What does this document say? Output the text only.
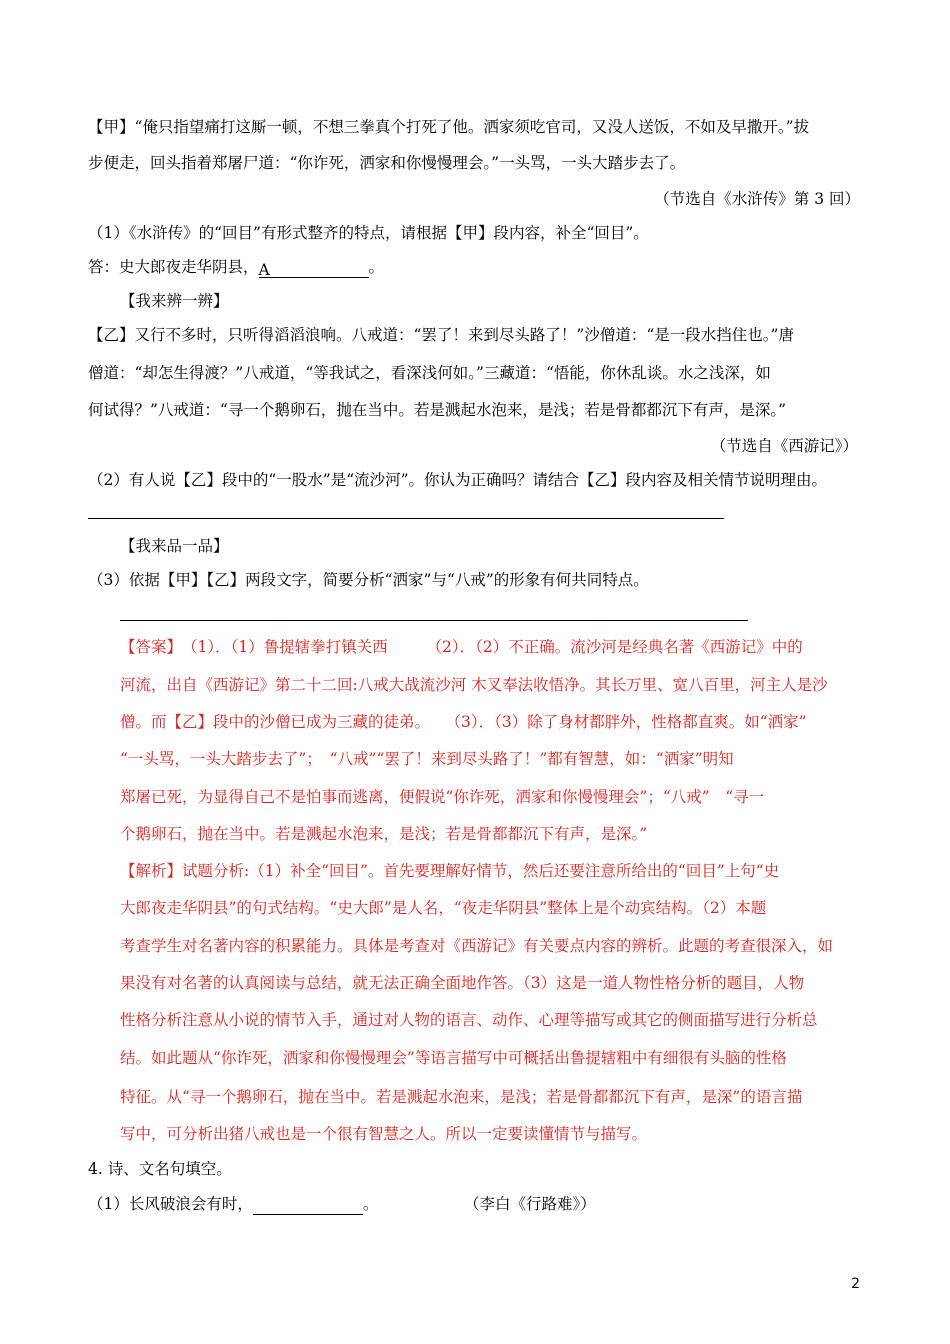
【甲】“俺只指望痛打这厮一顿，不想三拳真个打死了他。洒家须吃官司，又没人送饭，不如及早撒开。”拔
步便走，回头指着郑屠尸道：“你诈死，洒家和你慢慢理会。”一头骂，一头大踏步去了。
（节选自《水浒传》第 3 回）
（1）《水浒传》的“回目”有形式整齐的特点，请根据【甲】段内容，补全“回目”。
答：史大郎夜走华阴县，A	。
【我来辨一辨】
【乙】又行不多时，只听得滔滔浪响。八戒道：“罢了！来到尽头路了！”沙僧道：“是一段水挡住也。”唐
僧道：“却怎生得渡？”八戒道，“等我试之，看深浅何如。”三藏道：“悟能，你休乱谈。水之浅深，如
何试得？”八戒道：“寻一个鹅卵石，抛在当中。若是溅起水泡来，是浅；若是骨都都沉下有声，是深。”
（节选自《西游记》）
（2）有人说【乙】段中的“一股水”是“流沙河”。你认为正确吗？请结合【乙】段内容及相关情节说明理由。
【我来品一品】
（3）依据【甲】【乙】两段文字，简要分析“洒家”与“八戒”的形象有何共同特点。
【答案】　（1）．（1）鲁提辖拳打镇关西　　　（2）．（2）不正确。流沙河是经典名著《西游记》中的
河流，出自《西游记》第二十二回:八戒大战流沙河 木叉奉法收悟净。其长万里、宽八百里，河主人是沙
僧。而【乙】段中的沙僧已成为三藏的徒弟。　　（3）．（3）除了身材都胖外，性格都直爽。如“洒家”
“一头骂，一头大踏步去了”；　“八戒”“罢了！来到尽头路了！”都有智慧，如：“洒家”明知
郑屠已死，为显得自己不是怕事而逃离，便假说“你诈死，洒家和你慢慢理会”；“八戒”　“寻一
个鹅卵石，抛在当中。若是溅起水泡来，是浅；若是骨都都沉下有声，是深。”
【解析】试题分析:（1）补全“回目”。首先要理解好情节，然后还要注意所给出的“回目”上句“史
大郎夜走华阴县”的句式结构。“史大郎”是人名，“夜走华阴县”整体上是个动宾结构。（2）本题
考查学生对名著内容的积累能力。具体是考查对《西游记》有关要点内容的辨析。此题的考查很深入，如
果没有对名著的认真阅读与总结，就无法正确全面地作答。（3）这是一道人物性格分析的题目，人物
性格分析注意从小说的情节入手，通过对人物的语言、动作、心理等描写或其它的侧面描写进行分析总
结。如此题从“你诈死，洒家和你慢慢理会”等语言描写中可概括出鲁提辖粗中有细很有头脑的性格
特征。从“寻一个鹅卵石，抛在当中。若是溅起水泡来，是浅；若是骨都都沉下有声，是深”的语言描
写中，可分析出猪八戒也是一个很有智慧之人。所以一定要读懂情节与描写。
4. 诗、文名句填空。
（1）长风破浪会有时，	。	（李白《行路难》）
2
